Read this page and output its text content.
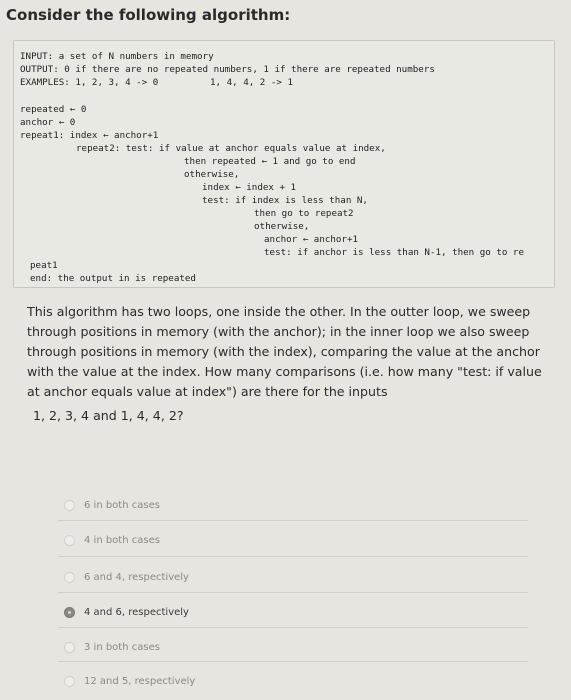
Consider the following algorithm:
INPUT: a set of N numbers in memory
OUTPUT: 0 if there are no repeated numbers, 1 if there are repeated numbers
EXAMPLES: 1, 2, 3, 4 -> 0	1, 4, 4, 2 -> 1
repeated ← 0
anchor ← 0
repeat1: index ← anchor+1
repeat2: test: if value at anchor equals value at index,
then repeated ← 1 and go to end
otherwise,
index ← index + 1
test: if index is less than N,
then go to repeat2
otherwise,
anchor ← anchor+1
test: if anchor is less than N-1, then go to re
peat1
end: the output in is repeated

This algorithm has two loops, one inside the other. In the outter loop, we sweep through positions in memory (with the anchor); in the inner loop we also sweep through positions in memory (with the index), comparing the value at the anchor with the value at the index. How many comparisons (i.e. how many "test: if value at anchor equals value at index") are there for the inputs

1, 2, 3, 4 and 1, 4, 4, 2?
6 in both cases
4 in both cases
6 and 4, respectively
4 and 6, respectively
3 in both cases
12 and 5, respectively
